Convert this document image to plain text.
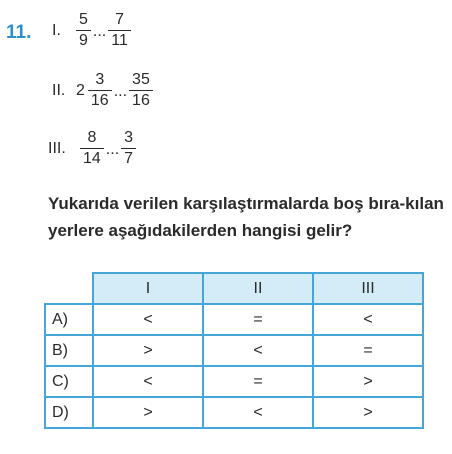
11. I. $\frac{5}{9}$ ... $\frac{7}{11}$
II. $2 \frac{3}{16}$ ... $\frac{35}{16}$
III. $\frac{8}{14}$ ... $\frac{3}{7}$
Yukarıda verilen karşılaştırmalarda boş bıra-kılan yerlere aşağıdakilerden hangisi gelir?
	I	II	III
A)	<	=	<
B)	>	<	=
C)	<	=	>
D)	>	<	>
